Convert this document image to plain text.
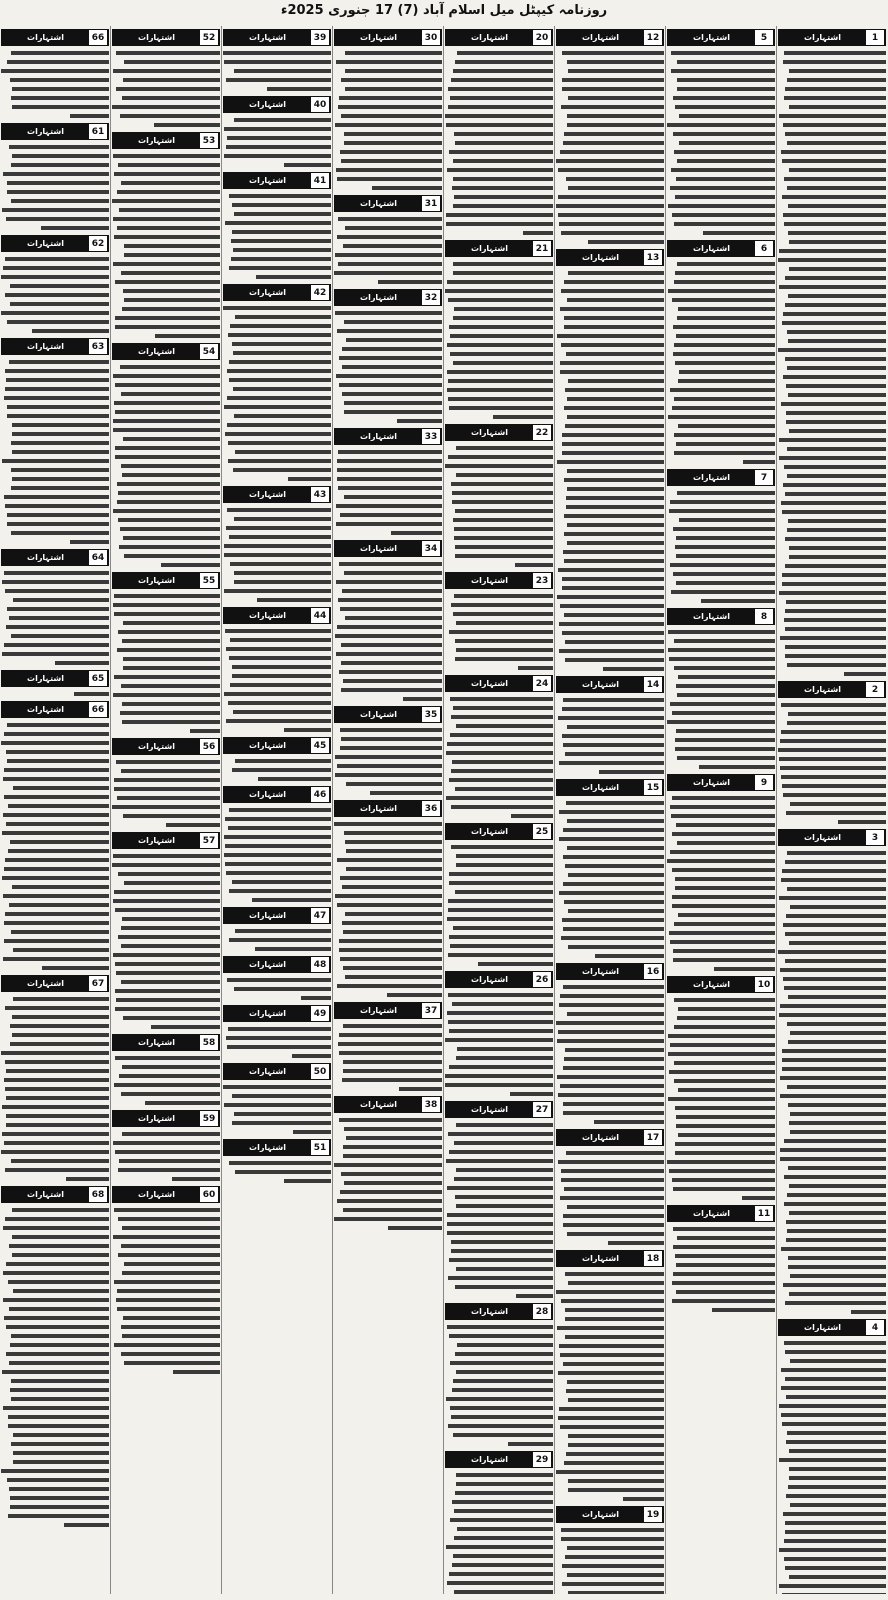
روزنامہ کیپٹل میل اسلام آباد (7) 17 جنوری 2025ء
اشتہارات	1
اشتہارات	2
اشتہارات	3
اشتہارات	4
اشتہارات	5
اشتہارات	6
اشتہارات	7
اشتہارات	8
اشتہارات	9
اشتہارات	10
اشتہارات	11
اشتہارات	12
اشتہارات	13
اشتہارات	14
اشتہارات	15
اشتہارات	16
اشتہارات	17
اشتہارات	18
اشتہارات	19
اشتہارات	20
اشتہارات	21
اشتہارات	22
اشتہارات	23
اشتہارات	24
اشتہارات	25
اشتہارات	26
اشتہارات	27
اشتہارات	28
اشتہارات	29
اشتہارات	30
اشتہارات	31
اشتہارات	32
اشتہارات	33
اشتہارات	34
اشتہارات	35
اشتہارات	36
اشتہارات	37
اشتہارات	38
اشتہارات	39
اشتہارات	40
اشتہارات	41
اشتہارات	42
اشتہارات	43
اشتہارات	44
اشتہارات	45
اشتہارات	46
اشتہارات	47
اشتہارات	48
اشتہارات	49
اشتہارات	50
اشتہارات	51
اشتہارات	52
اشتہارات	53
اشتہارات	54
اشتہارات	55
اشتہارات	56
اشتہارات	57
اشتہارات	58
اشتہارات	59
اشتہارات	60
اشتہارات	66
اشتہارات	61
اشتہارات	62
اشتہارات	63
اشتہارات	64
اشتہارات	65
اشتہارات	66
اشتہارات	67
اشتہارات	68
